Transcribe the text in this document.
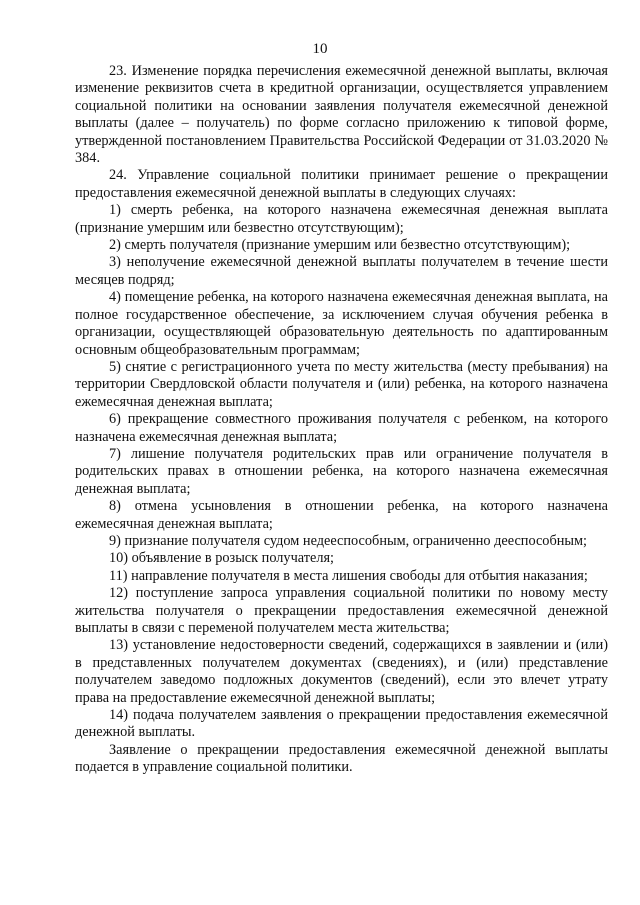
10

23. Изменение порядка перечисления ежемесячной денежной выплаты, включая изменение реквизитов счета в кредитной организации, осуществляется управлением социальной политики на основании заявления получателя ежемесячной денежной выплаты (далее – получатель) по форме согласно приложению к типовой форме, утвержденной постановлением Правительства Российской Федерации от 31.03.2020 № 384.

24. Управление социальной политики принимает решение о прекращении предоставления ежемесячной денежной выплаты в следующих случаях:

1) смерть ребенка, на которого назначена ежемесячная денежная выплата (признание умершим или безвестно отсутствующим);

2) смерть получателя (признание умершим или безвестно отсутствующим);

3) неполучение ежемесячной денежной выплаты получателем в течение шести месяцев подряд;

4) помещение ребенка, на которого назначена ежемесячная денежная выплата, на полное государственное обеспечение, за исключением случая обучения ребенка в организации, осуществляющей образовательную деятельность по адаптированным основным общеобразовательным программам;

5) снятие с регистрационного учета по месту жительства (месту пребывания) на территории Свердловской области получателя и (или) ребенка, на которого назначена ежемесячная денежная выплата;

6) прекращение совместного проживания получателя с ребенком, на которого назначена ежемесячная денежная выплата;

7) лишение получателя родительских прав или ограничение получателя в родительских правах в отношении ребенка, на которого назначена ежемесячная денежная выплата;

8) отмена усыновления в отношении ребенка, на которого назначена ежемесячная денежная выплата;

9) признание получателя судом недееспособным, ограниченно дееспособным;

10) объявление в розыск получателя;

11) направление получателя в места лишения свободы для отбытия наказания;

12) поступление запроса управления социальной политики по новому месту жительства получателя о прекращении предоставления ежемесячной денежной выплаты в связи с переменой получателем места жительства;

13) установление недостоверности сведений, содержащихся в заявлении и (или) в представленных получателем документах (сведениях), и (или) представление получателем заведомо подложных документов (сведений), если это влечет утрату права на предоставление ежемесячной денежной выплаты;

14) подача получателем заявления о прекращении предоставления ежемесячной денежной выплаты.

Заявление о прекращении предоставления ежемесячной денежной выплаты подается в управление социальной политики.
